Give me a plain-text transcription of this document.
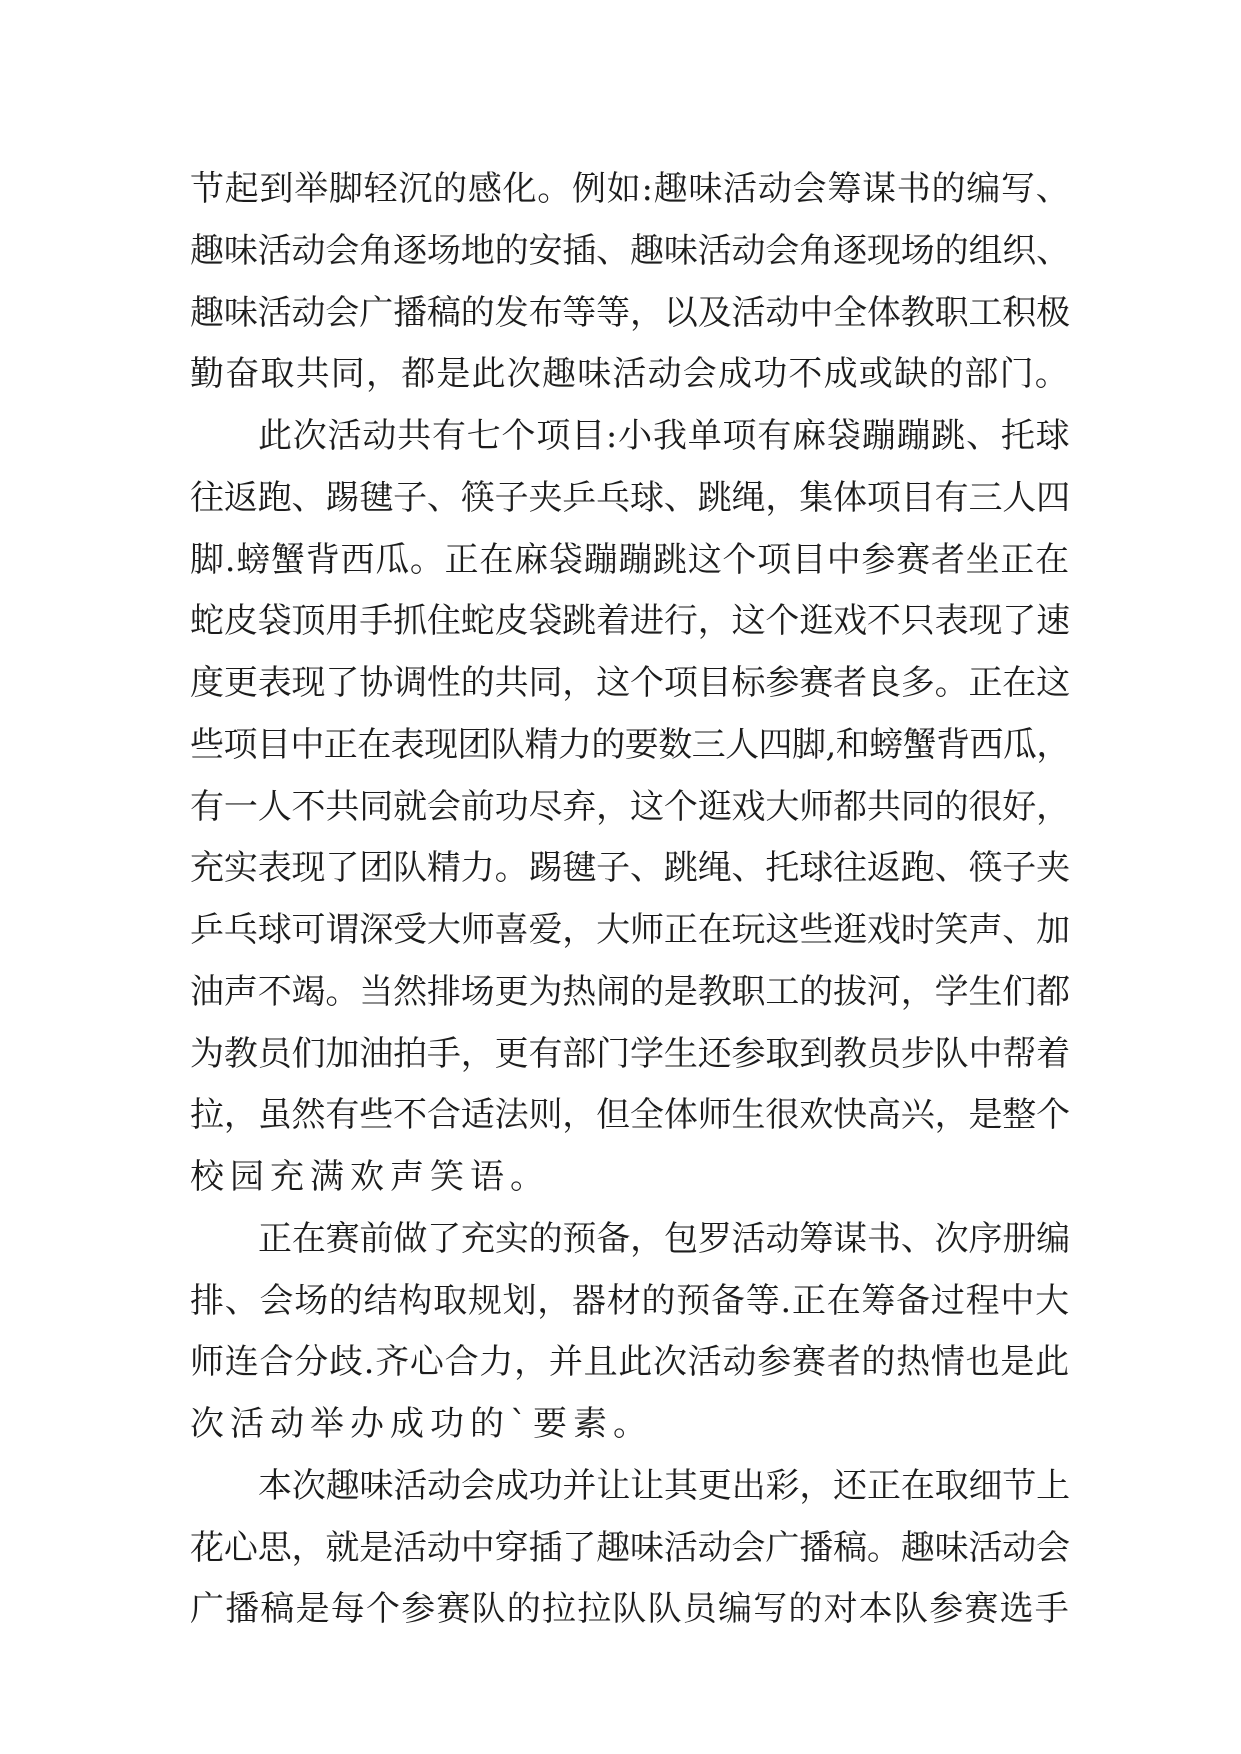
节起到举脚轻沉的感化。例如:趣味活动会筹谋书的编写、
趣味活动会角逐场地的安插、趣味活动会角逐现场的组织、
趣味活动会广播稿的发布等等，以及活动中全体教职工积极
勤奋取共同，都是此次趣味活动会成功不成或缺的部门。
此次活动共有七个项目:小我单项有麻袋蹦蹦跳、托球
往返跑、踢毽子、筷子夹乒乓球、跳绳，集体项目有三人四
脚.螃蟹背西瓜。正在麻袋蹦蹦跳这个项目中参赛者坐正在
蛇皮袋顶用手抓住蛇皮袋跳着进行，这个逛戏不只表现了速
度更表现了协调性的共同，这个项目标参赛者良多。正在这
些项目中正在表现团队精力的要数三人四脚,和螃蟹背西瓜，
有一人不共同就会前功尽弃，这个逛戏大师都共同的很好，
充实表现了团队精力。踢毽子、跳绳、托球往返跑、筷子夹
乒乓球可谓深受大师喜爱，大师正在玩这些逛戏时笑声、加
油声不竭。当然排场更为热闹的是教职工的拔河，学生们都
为教员们加油拍手，更有部门学生还参取到教员步队中帮着
拉，虽然有些不合适法则，但全体师生很欢快高兴，是整个
校园充满欢声笑语。
正在赛前做了充实的预备，包罗活动筹谋书、次序册编
排、会场的结构取规划，器材的预备等.正在筹备过程中大
师连合分歧.齐心合力，并且此次活动参赛者的热情也是此
次活动举办成功的`要素。
本次趣味活动会成功并让让其更出彩，还正在取细节上
花心思，就是活动中穿插了趣味活动会广播稿。趣味活动会
广播稿是每个参赛队的拉拉队队员编写的对本队参赛选手
